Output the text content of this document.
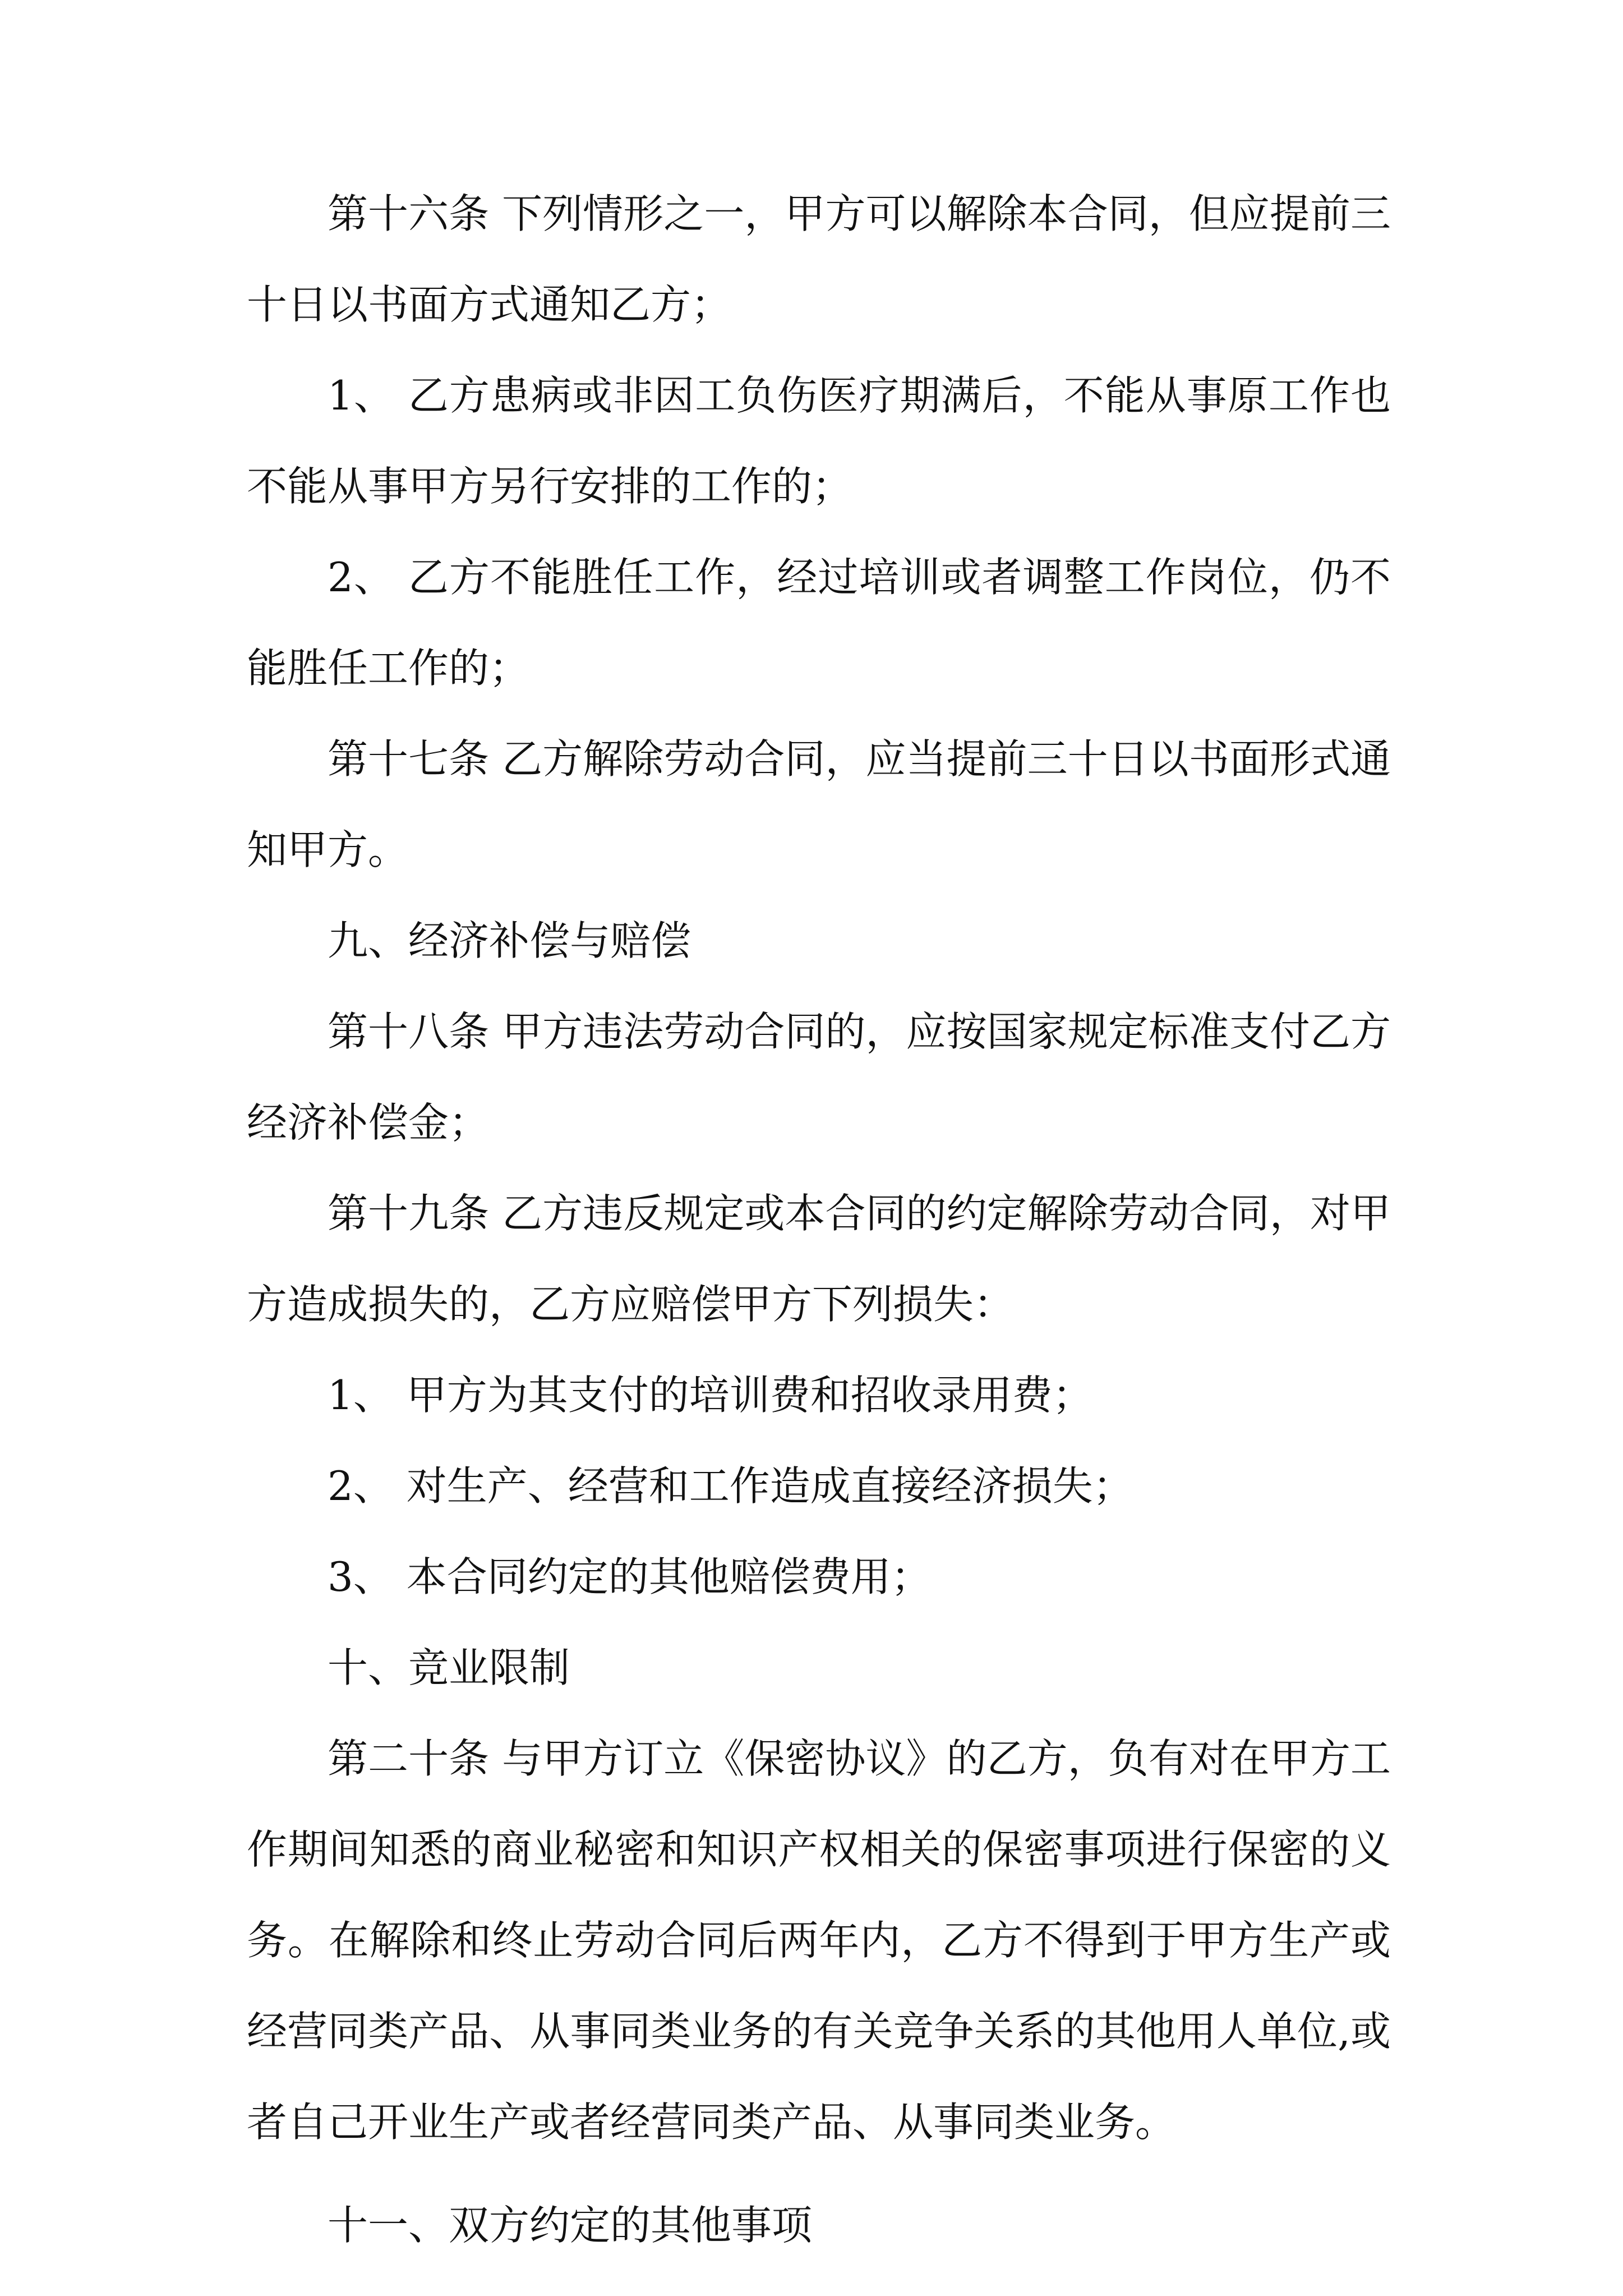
第十六条 下列情形之一，甲方可以解除本合同，但应提前三十日以书面方式通知乙方；

1、 乙方患病或非因工负伤医疗期满后，不能从事原工作也不能从事甲方另行安排的工作的；

2、 乙方不能胜任工作，经过培训或者调整工作岗位，仍不能胜任工作的；

第十七条 乙方解除劳动合同，应当提前三十日以书面形式通知甲方。

九、经济补偿与赔偿

第十八条 甲方违法劳动合同的，应按国家规定标准支付乙方经济补偿金；

第十九条 乙方违反规定或本合同的约定解除劳动合同，对甲方造成损失的，乙方应赔偿甲方下列损失：

1、 甲方为其支付的培训费和招收录用费；

2、 对生产、经营和工作造成直接经济损失；

3、 本合同约定的其他赔偿费用；

十、竞业限制

第二十条 与甲方订立《保密协议》的乙方，负有对在甲方工作期间知悉的商业秘密和知识产权相关的保密事项进行保密的义务。在解除和终止劳动合同后两年内，乙方不得到于甲方生产或经营同类产品、从事同类业务的有关竞争关系的其他用人单位,或者自己开业生产或者经营同类产品、从事同类业务。

十一、双方约定的其他事项
